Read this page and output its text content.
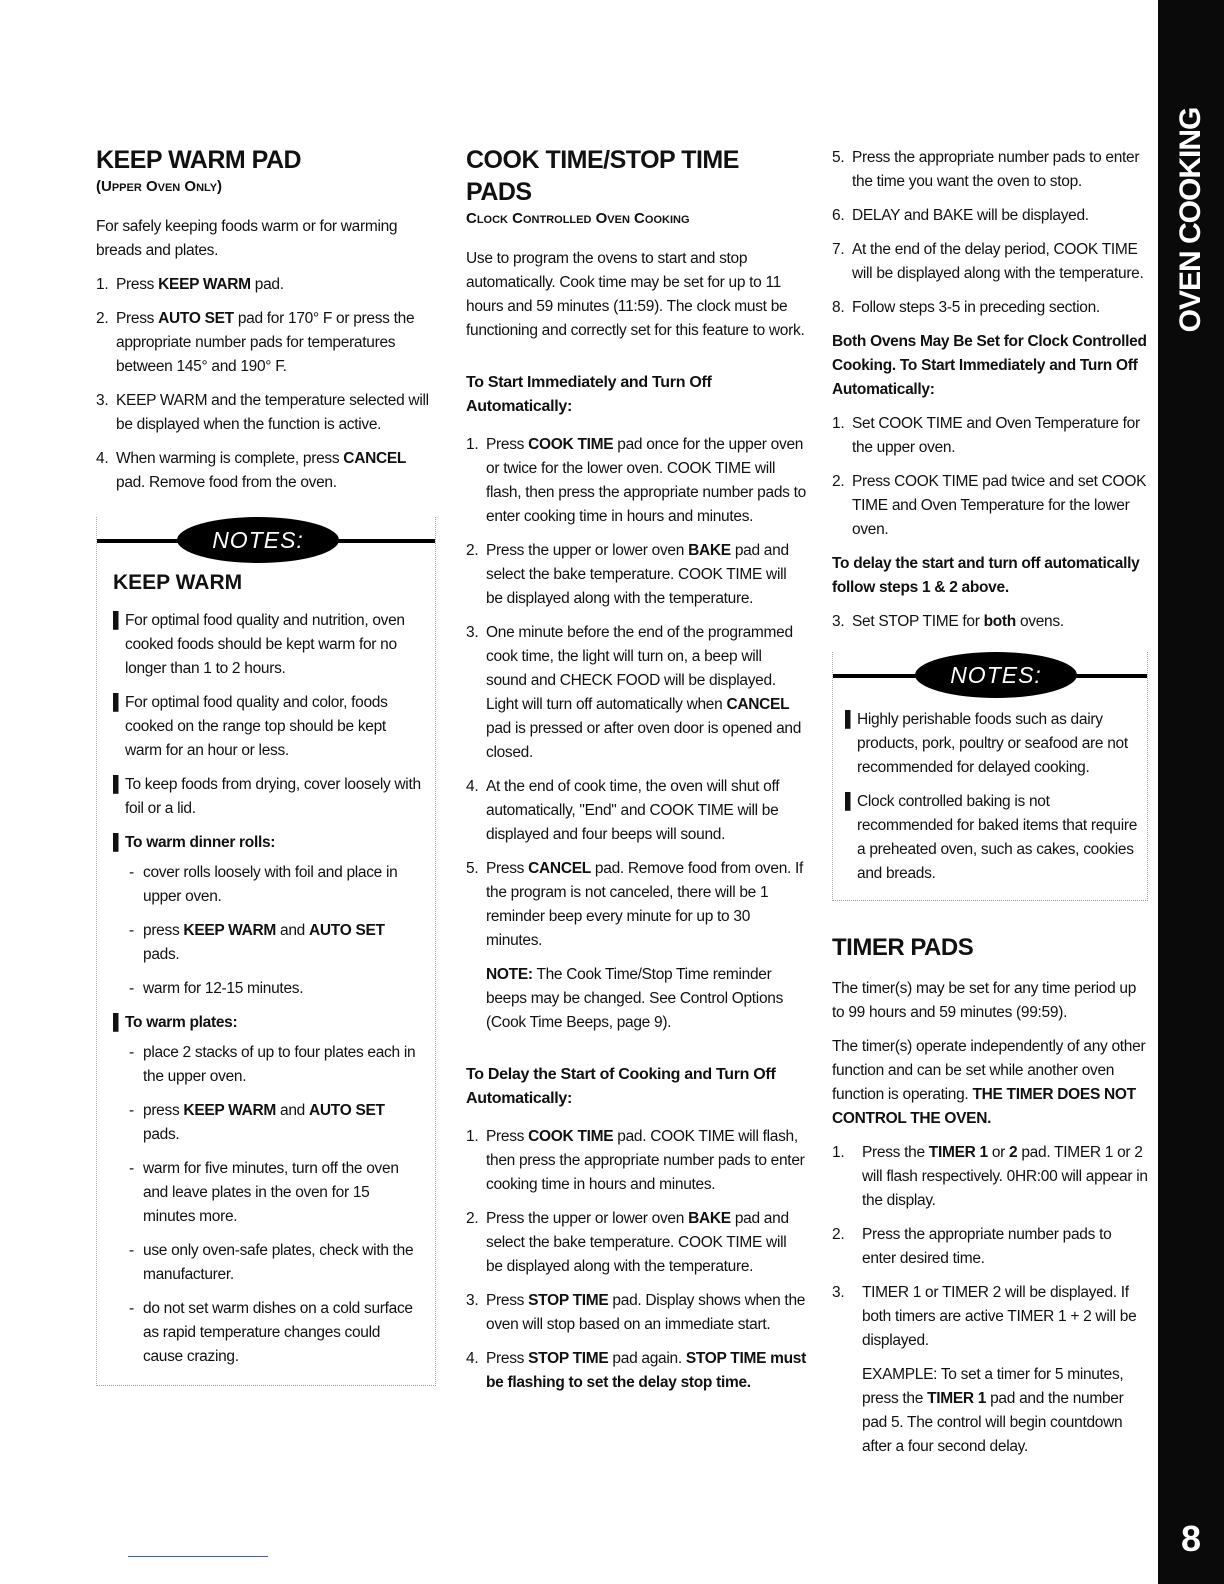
OVEN COOKING
8
KEEP WARM PAD
(Upper Oven Only)

For safely keeping foods warm or for warming breads and plates.

1. Press KEEP WARM pad.
2. Press AUTO SET pad for 170° F or press the appropriate number pads for temperatures between 145° and 190° F.
3. KEEP WARM and the temperature selected will be displayed when the function is active.
4. When warming is complete, press CANCEL pad. Remove food from the oven.
NOTES:
KEEP WARM
▌ For optimal food quality and nutrition, oven cooked foods should be kept warm for no longer than 1 to 2 hours.
▌ For optimal food quality and color, foods cooked on the range top should be kept warm for an hour or less.
▌ To keep foods from drying, cover loosely with foil or a lid.
▌ To warm dinner rolls:
- cover rolls loosely with foil and place in upper oven.
- press KEEP WARM and AUTO SET pads.
- warm for 12-15 minutes.
▌ To warm plates:
- place 2 stacks of up to four plates each in the upper oven.
- press KEEP WARM and AUTO SET pads.
- warm for five minutes, turn off the oven and leave plates in the oven for 15 minutes more.
- use only oven-safe plates, check with the manufacturer.
- do not set warm dishes on a cold surface as rapid temperature changes could cause crazing.
COOK TIME/STOP TIME PADS
Clock Controlled Oven Cooking

Use to program the ovens to start and stop automatically. Cook time may be set for up to 11 hours and 59 minutes (11:59). The clock must be functioning and correctly set for this feature to work.

To Start Immediately and Turn Off Automatically:
1. Press COOK TIME pad once for the upper oven or twice for the lower oven. COOK TIME will flash, then press the appropriate number pads to enter cooking time in hours and minutes.
2. Press the upper or lower oven BAKE pad and select the bake temperature. COOK TIME will be displayed along with the temperature.
3. One minute before the end of the programmed cook time, the light will turn on, a beep will sound and CHECK FOOD will be displayed. Light will turn off automatically when CANCEL pad is pressed or after oven door is opened and closed.
4. At the end of cook time, the oven will shut off automatically, "End" and COOK TIME will be displayed and four beeps will sound.
5. Press CANCEL pad. Remove food from oven. If the program is not canceled, there will be 1 reminder beep every minute for up to 30 minutes.
NOTE: The Cook Time/Stop Time reminder beeps may be changed. See Control Options (Cook Time Beeps, page 9).
To Delay the Start of Cooking and Turn Off Automatically:
1. Press COOK TIME pad. COOK TIME will flash, then press the appropriate number pads to enter cooking time in hours and minutes.
2. Press the upper or lower oven BAKE pad and select the bake temperature. COOK TIME will be displayed along with the temperature.
3. Press STOP TIME pad. Display shows when the oven will stop based on an immediate start.
4. Press STOP TIME pad again. STOP TIME must be flashing to set the delay stop time.
5. Press the appropriate number pads to enter the time you want the oven to stop.
6. DELAY and BAKE will be displayed.
7. At the end of the delay period, COOK TIME will be displayed along with the temperature.
8. Follow steps 3-5 in preceding section.
Both Ovens May Be Set for Clock Controlled Cooking. To Start Immediately and Turn Off Automatically:
1. Set COOK TIME and Oven Temperature for the upper oven.
2. Press COOK TIME pad twice and set COOK TIME and Oven Temperature for the lower oven.
To delay the start and turn off automatically follow steps 1 & 2 above.
3. Set STOP TIME for both ovens.
NOTES:
▌ Highly perishable foods such as dairy products, pork, poultry or seafood are not recommended for delayed cooking.
▌ Clock controlled baking is not recommended for baked items that require a preheated oven, such as cakes, cookies and breads.
TIMER PADS

The timer(s) may be set for any time period up to 99 hours and 59 minutes (99:59).

The timer(s) operate independently of any other function and can be set while another oven function is operating. THE TIMER DOES NOT CONTROL THE OVEN.

1.	Press the TIMER 1 or 2 pad. TIMER 1 or 2 will flash respectively. 0HR:00 will appear in the display.
2.	Press the appropriate number pads to enter desired time.
3.	TIMER 1 or TIMER 2 will be displayed. If both timers are active TIMER 1 + 2 will be displayed.
EXAMPLE: To set a timer for 5 minutes, press the TIMER 1 pad and the number pad 5. The control will begin countdown after a four second delay.
